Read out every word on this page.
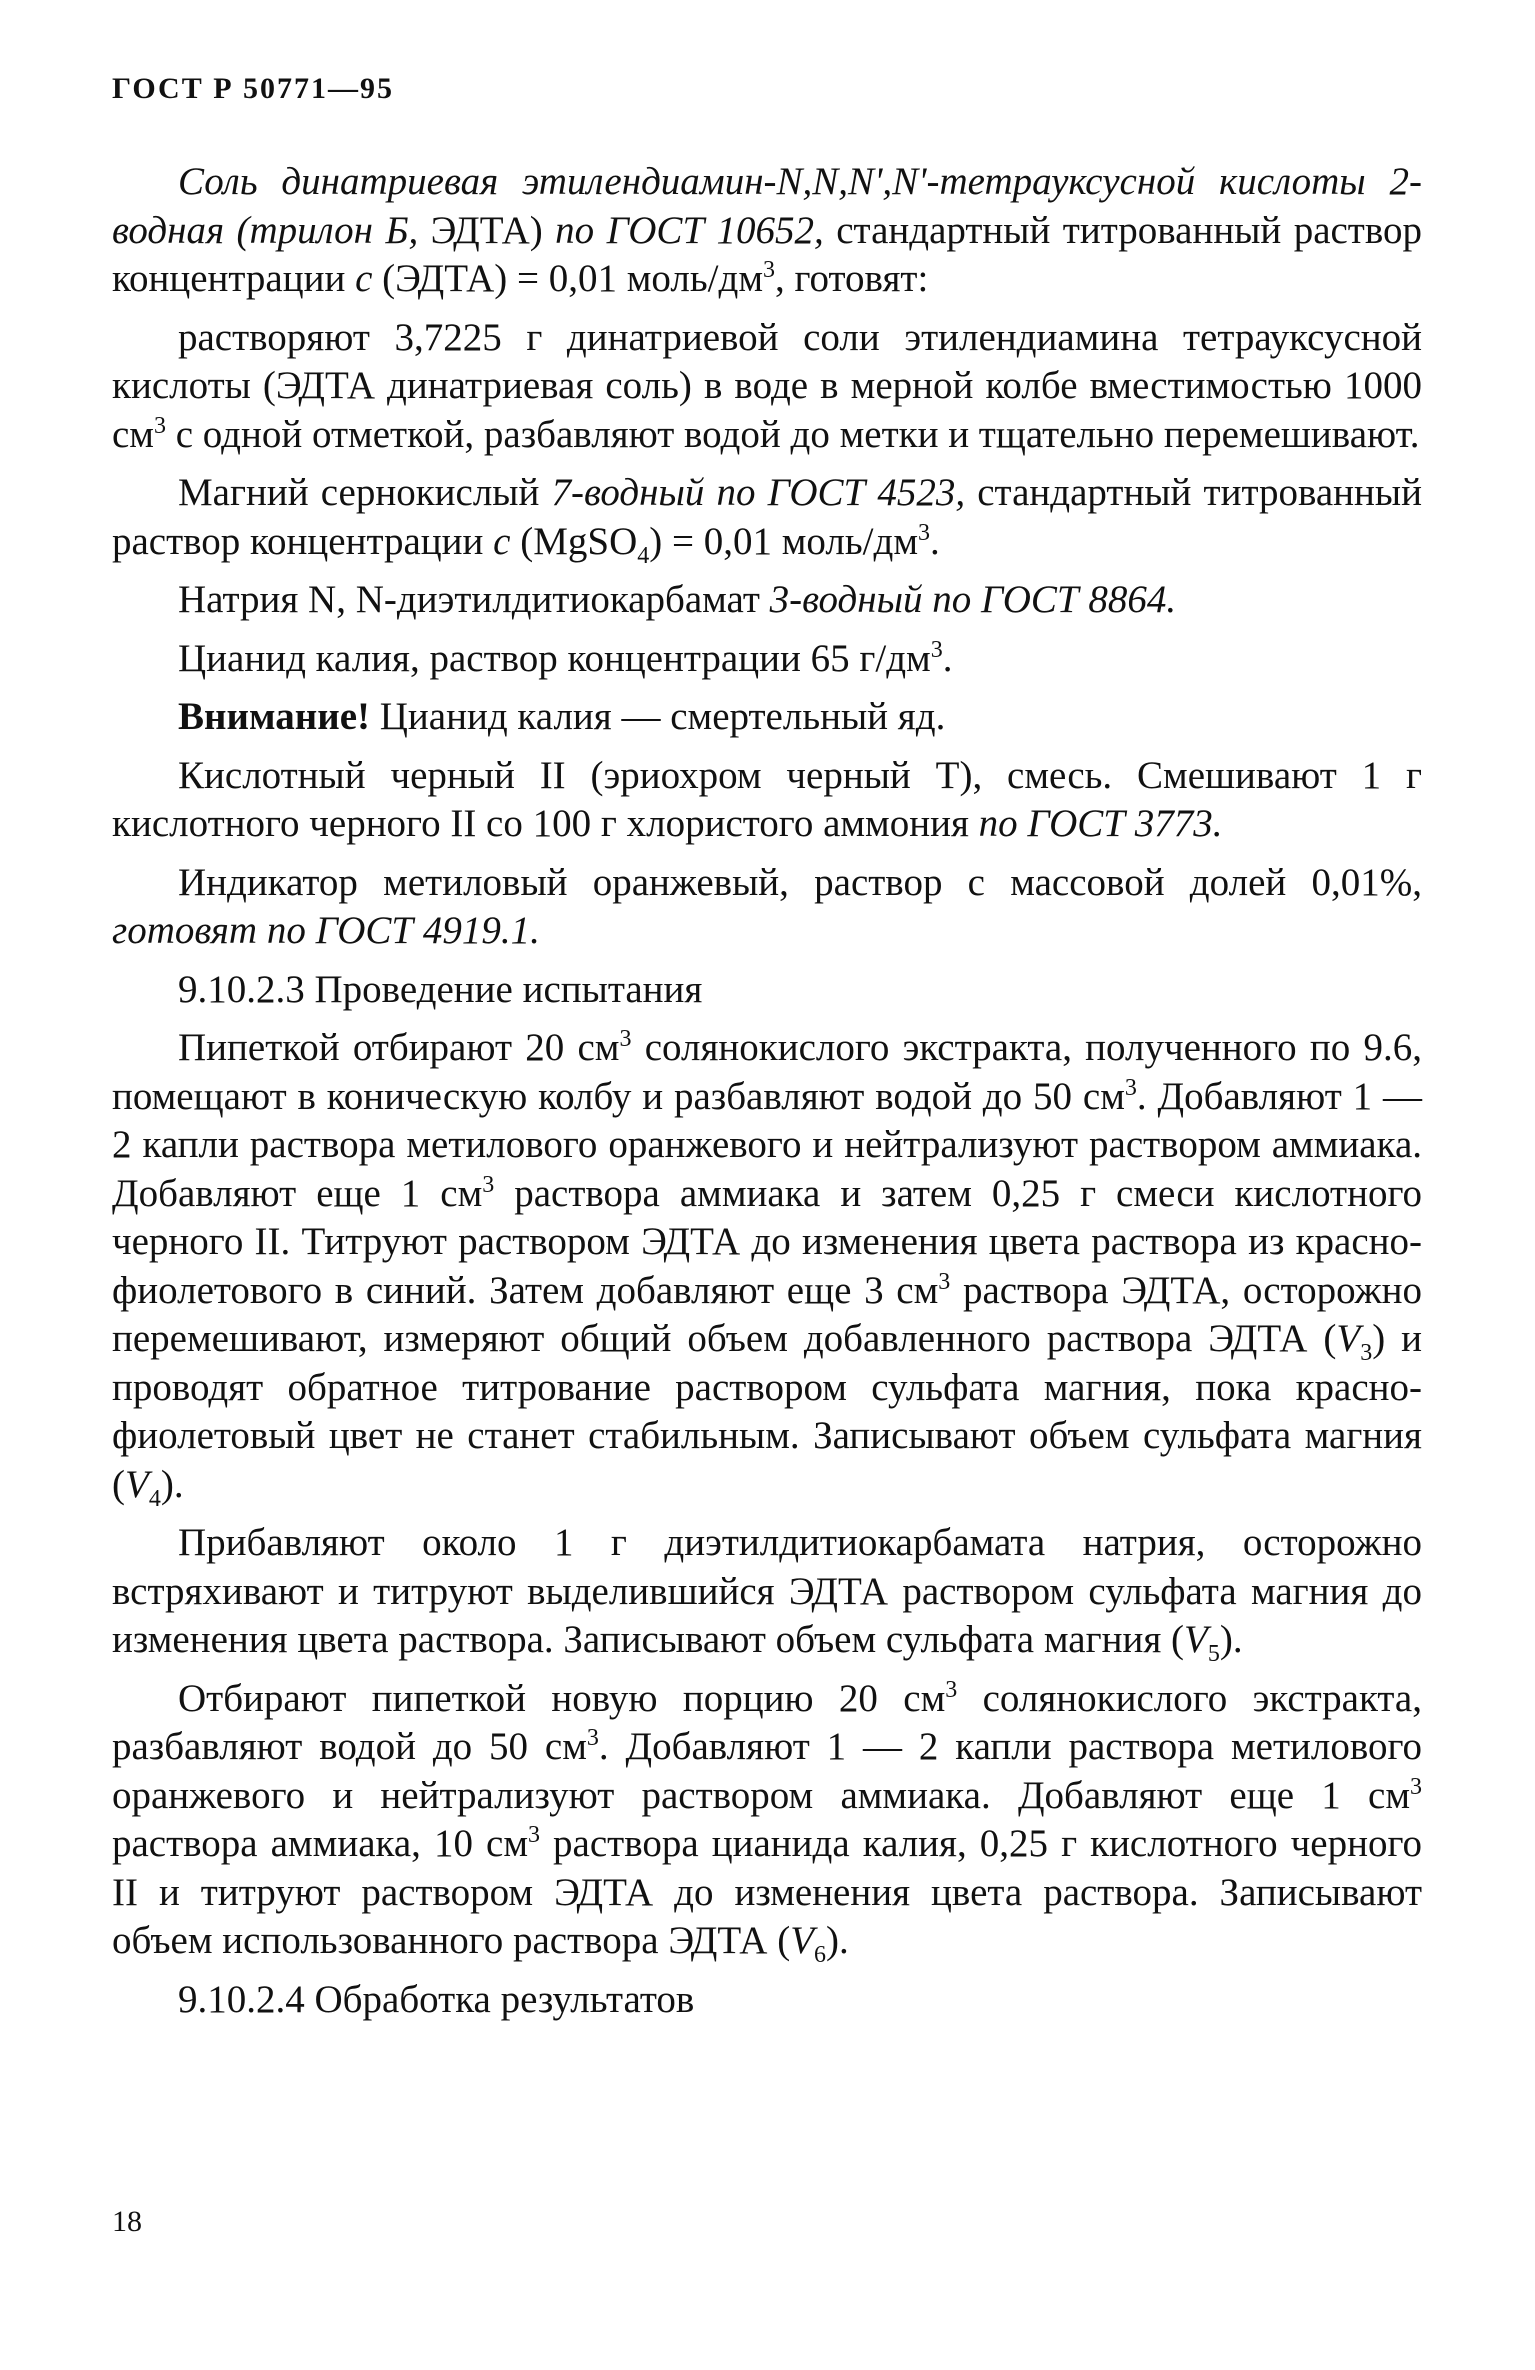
ГОСТ Р 50771—95

Соль динатриевая этилендиамин-N,N,N',N'-тетрауксусной кислоты 2-водная (трилон Б, ЭДТА) по ГОСТ 10652, стандартный титрованный раствор концентрации c (ЭДТА) = 0,01 моль/$дм^3$, готовят:

растворяют 3,7225 г динатриевой соли этилендиамина тетрауксусной кислоты (ЭДТА динатриевая соль) в воде в мерной колбе вместимостью 1000 $см^3$ с одной отметкой, разбавляют водой до метки и тщательно перемешивают.

Магний сернокислый 7-водный по ГОСТ 4523, стандартный титрованный раствор концентрации c (MgSO$_4$) = 0,01 моль/$дм^3$.

Натрия N, N-диэтилдитиокарбамат 3-водный по ГОСТ 8864.

Цианид калия, раствор концентрации 65 $г/дм^3$.

Внимание! Цианид калия — смертельный яд.

Кислотный черный II (эриохром черный Т), смесь. Смешивают 1 г кислотного черного II со 100 г хлористого аммония по ГОСТ 3773.

Индикатор метиловый оранжевый, раствор с массовой долей 0,01%, готовят по ГОСТ 4919.1.

9.10.2.3 Проведение испытания

Пипеткой отбирают 20 $см^3$ солянокислого экстракта, полученного по 9.6, помещают в коническую колбу и разбавляют водой до 50 $см^3$. Добавляют 1 — 2 капли раствора метилового оранжевого и нейтрализуют раствором аммиака. Добавляют еще 1 $см^3$ раствора аммиака и затем 0,25 г смеси кислотного черного II. Титруют раствором ЭДТА до изменения цвета раствора из красно-фиолетового в синий. Затем добавляют еще 3 $см^3$ раствора ЭДТА, осторожно перемешивают, измеряют общий объем добавленного раствора ЭДТА $(V_3)$ и проводят обратное титрование раствором сульфата магния, пока красно-фиолетовый цвет не станет стабильным. Записывают объем сульфата магния $(V_4)$.

Прибавляют около 1 г диэтилдитиокарбамата натрия, осторожно встряхивают и титруют выделившийся ЭДТА раствором сульфата магния до изменения цвета раствора. Записывают объем сульфата магния $(V_5)$.

Отбирают пипеткой новую порцию 20 $см^3$ солянокислого экстракта, разбавляют водой до 50 $см^3$. Добавляют 1 — 2 капли раствора метилового оранжевого и нейтрализуют раствором аммиака. Добавляют еще 1 $см^3$ раствора аммиака, 10 $см^3$ раствора цианида калия, 0,25 г кислотного черного II и титруют раствором ЭДТА до изменения цвета раствора. Записывают объем использованного раствора ЭДТА $(V_6)$.

9.10.2.4 Обработка результатов

18
